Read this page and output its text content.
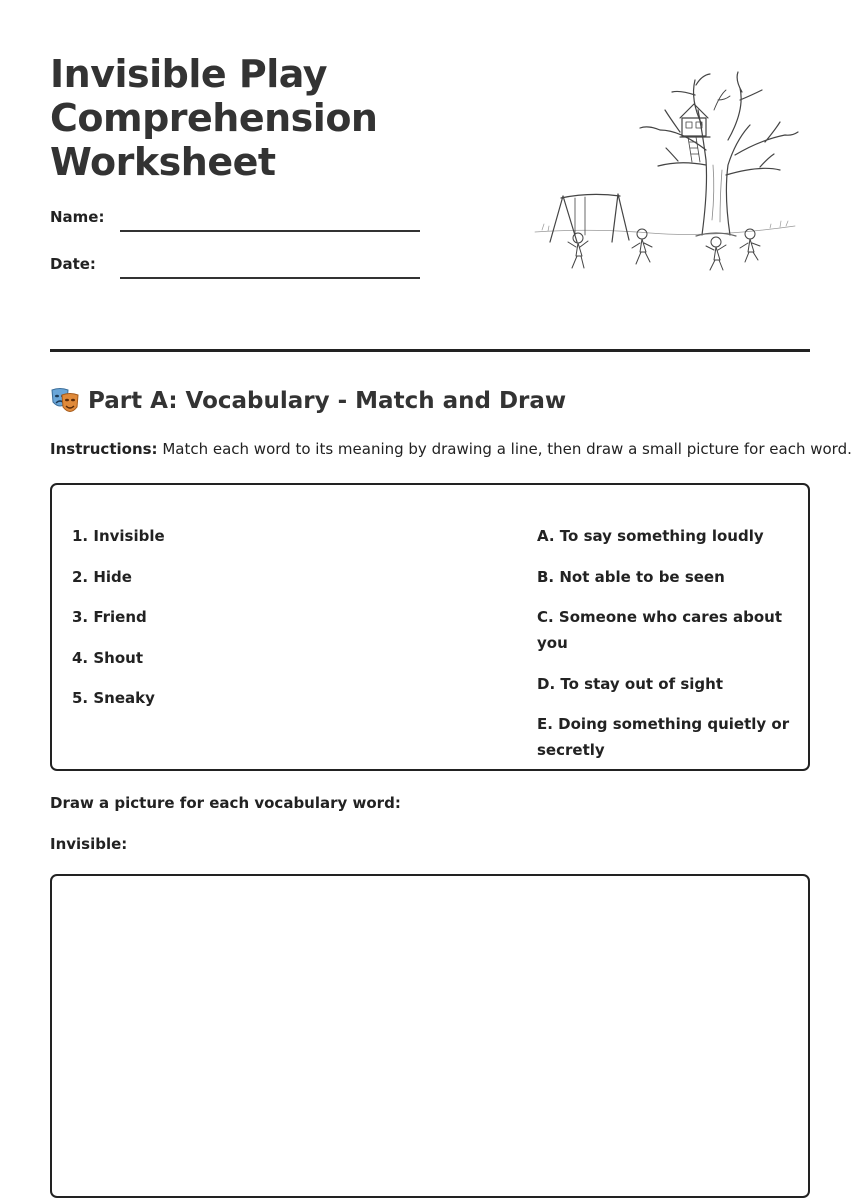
Invisible Play
Comprehension
Worksheet
Name:
Date:
Part A: Vocabulary - Match and Draw
Instructions: Match each word to its meaning by drawing a line, then draw a small picture for each word.
1. Invisible
2. Hide
3. Friend
4. Shout
5. Sneaky
A. To say something loudly
B. Not able to be seen
C. Someone who cares about you
D. To stay out of sight
E. Doing something quietly or secretly
Draw a picture for each vocabulary word:
Invisible:
